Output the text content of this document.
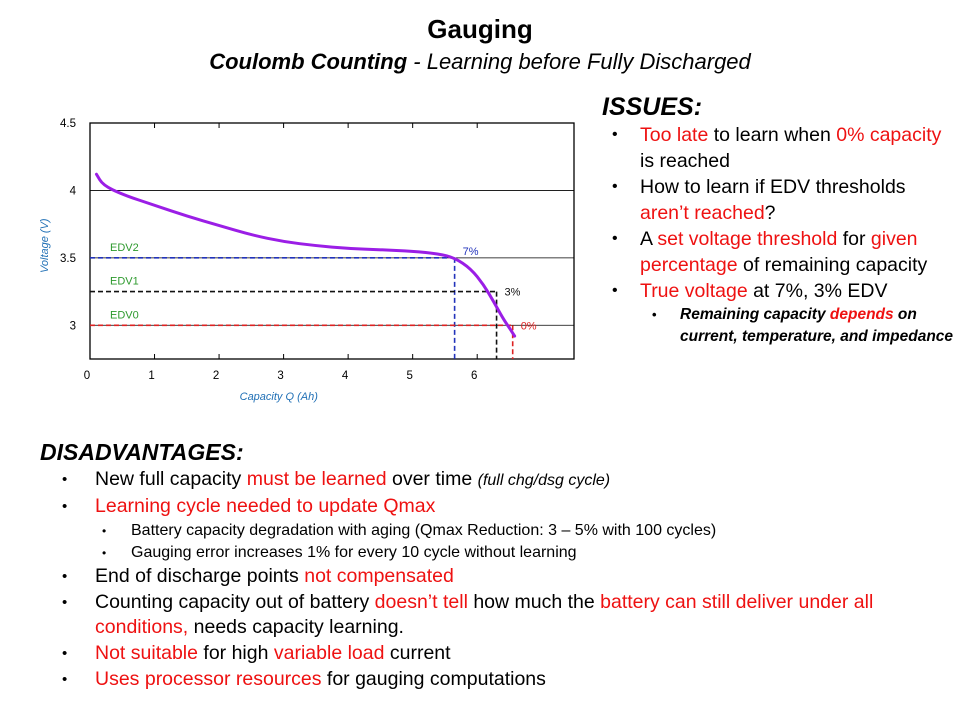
Gauging
Coulomb Counting - Learning before Fully Discharged
3
3.5
4
4.5
0	1	2	3	4	5	6
Capacity Q (Ah)
Voltage (V)	EDV2	7%
EDV1
3%
EDV0
0%
ISSUES:
• Too late to learn when 0% capacity is reached
• How to learn if EDV thresholds aren’t reached?
• A set voltage threshold for given percentage of remaining capacity
• True voltage at 7%, 3% EDV
• Remaining capacity depends on current, temperature, and impedance
DISADVANTAGES:
• New full capacity must be learned over time (full chg/dsg cycle)
• Learning cycle needed to update Qmax
• Battery capacity degradation with aging (Qmax Reduction: 3 – 5% with 100 cycles)
• Gauging error increases 1% for every 10 cycle without learning
• End of discharge points not compensated
• Counting capacity out of battery doesn’t tell how much the battery can still deliver under all conditions, needs capacity learning.
• Not suitable for high variable load current
• Uses processor resources for gauging computations
